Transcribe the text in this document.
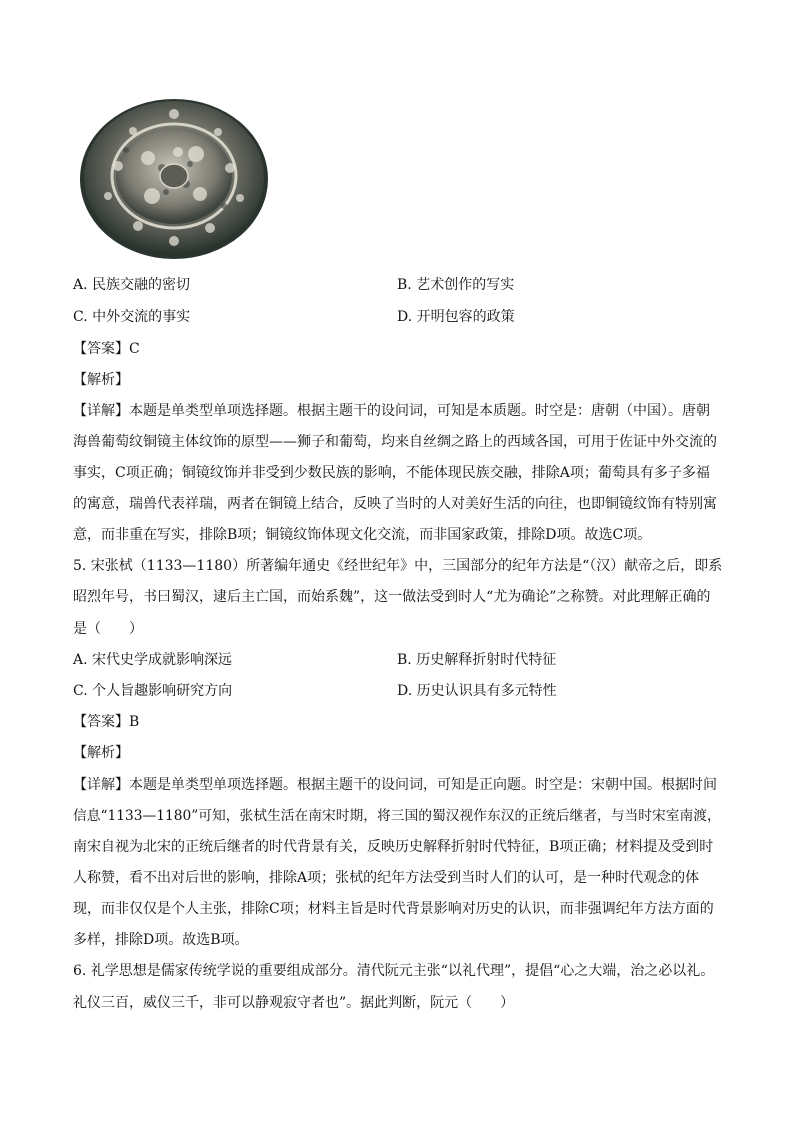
A. 民族交融的密切	B. 艺术创作的写实
C. 中外交流的事实	D. 开明包容的政策
【答案】C
【解析】
【详解】本题是单类型单项选择题。根据主题干的设问词，可知是本质题。时空是：唐朝（中国）。唐朝
海兽葡萄纹铜镜主体纹饰的原型——狮子和葡萄，均来自丝绸之路上的西域各国，可用于佐证中外交流的
事实，C项正确；铜镜纹饰并非受到少数民族的影响，不能体现民族交融，排除A项；葡萄具有多子多福
的寓意，瑞兽代表祥瑞，两者在铜镜上结合，反映了当时的人对美好生活的向往，也即铜镜纹饰有特别寓
意，而非重在写实，排除B项；铜镜纹饰体现文化交流，而非国家政策，排除D项。故选C项。
5. 宋张栻（1133—1180）所著编年通史《经世纪年》中，三国部分的纪年方法是“（汉）献帝之后，即系
昭烈年号，书曰蜀汉，逮后主亡国，而始系魏”，这一做法受到时人“尤为确论”之称赞。对此理解正确的
是（　　）
A. 宋代史学成就影响深远	B. 历史解释折射时代特征
C. 个人旨趣影响研究方向	D. 历史认识具有多元特性
【答案】B
【解析】
【详解】本题是单类型单项选择题。根据主题干的设问词，可知是正向题。时空是：宋朝中国。根据时间
信息“1133—1180”可知，张栻生活在南宋时期，将三国的蜀汉视作东汉的正统后继者，与当时宋室南渡，
南宋自视为北宋的正统后继者的时代背景有关，反映历史解释折射时代特征，B项正确；材料提及受到时
人称赞，看不出对后世的影响，排除A项；张栻的纪年方法受到当时人们的认可，是一种时代观念的体
现，而非仅仅是个人主张，排除C项；材料主旨是时代背景影响对历史的认识，而非强调纪年方法方面的
多样，排除D项。故选B项。
6. 礼学思想是儒家传统学说的重要组成部分。清代阮元主张“以礼代理”，提倡“心之大端，治之必以礼。
礼仪三百，威仪三千，非可以静观寂守者也”。据此判断，阮元（　　）
